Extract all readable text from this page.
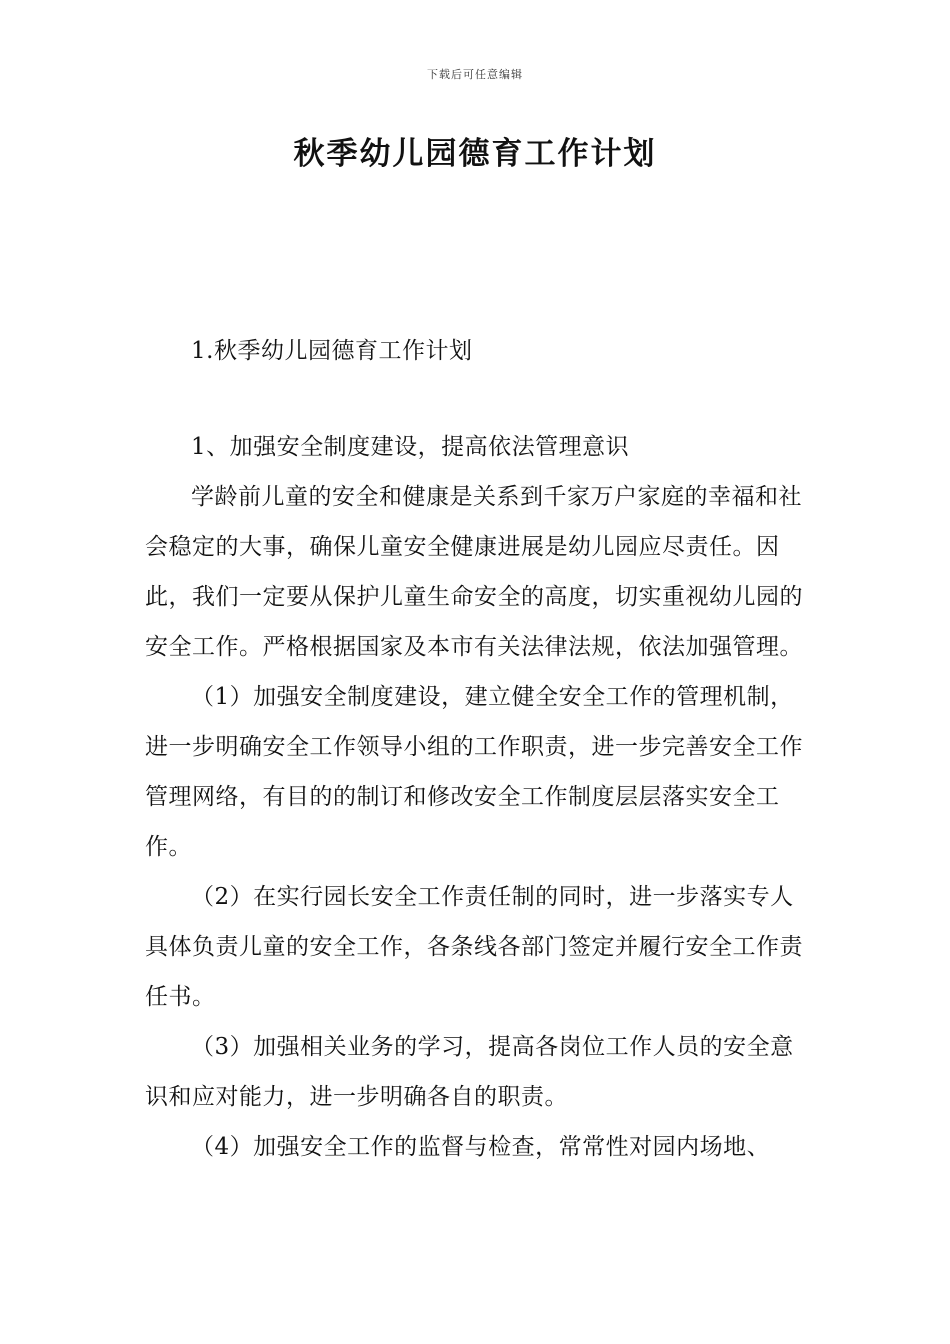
下载后可任意编辑
秋季幼儿园德育工作计划

1.秋季幼儿园德育工作计划

1、加强安全制度建设，提高依法管理意识

学龄前儿童的安全和健康是关系到千家万户家庭的幸福和社会稳定的大事，确保儿童安全健康进展是幼儿园应尽责任。因此，我们一定要从保护儿童生命安全的高度，切实重视幼儿园的安全工作。严格根据国家及本市有关法律法规，依法加强管理。

（1）加强安全制度建设，建立健全安全工作的管理机制，进一步明确安全工作领导小组的工作职责，进一步完善安全工作管理网络，有目的的制订和修改安全工作制度层层落实安全工作。

（2）在实行园长安全工作责任制的同时，进一步落实专人具体负责儿童的安全工作，各条线各部门签定并履行安全工作责任书。

（3）加强相关业务的学习，提高各岗位工作人员的安全意识和应对能力，进一步明确各自的职责。

（4）加强安全工作的监督与检查，常常性对园内场地、
